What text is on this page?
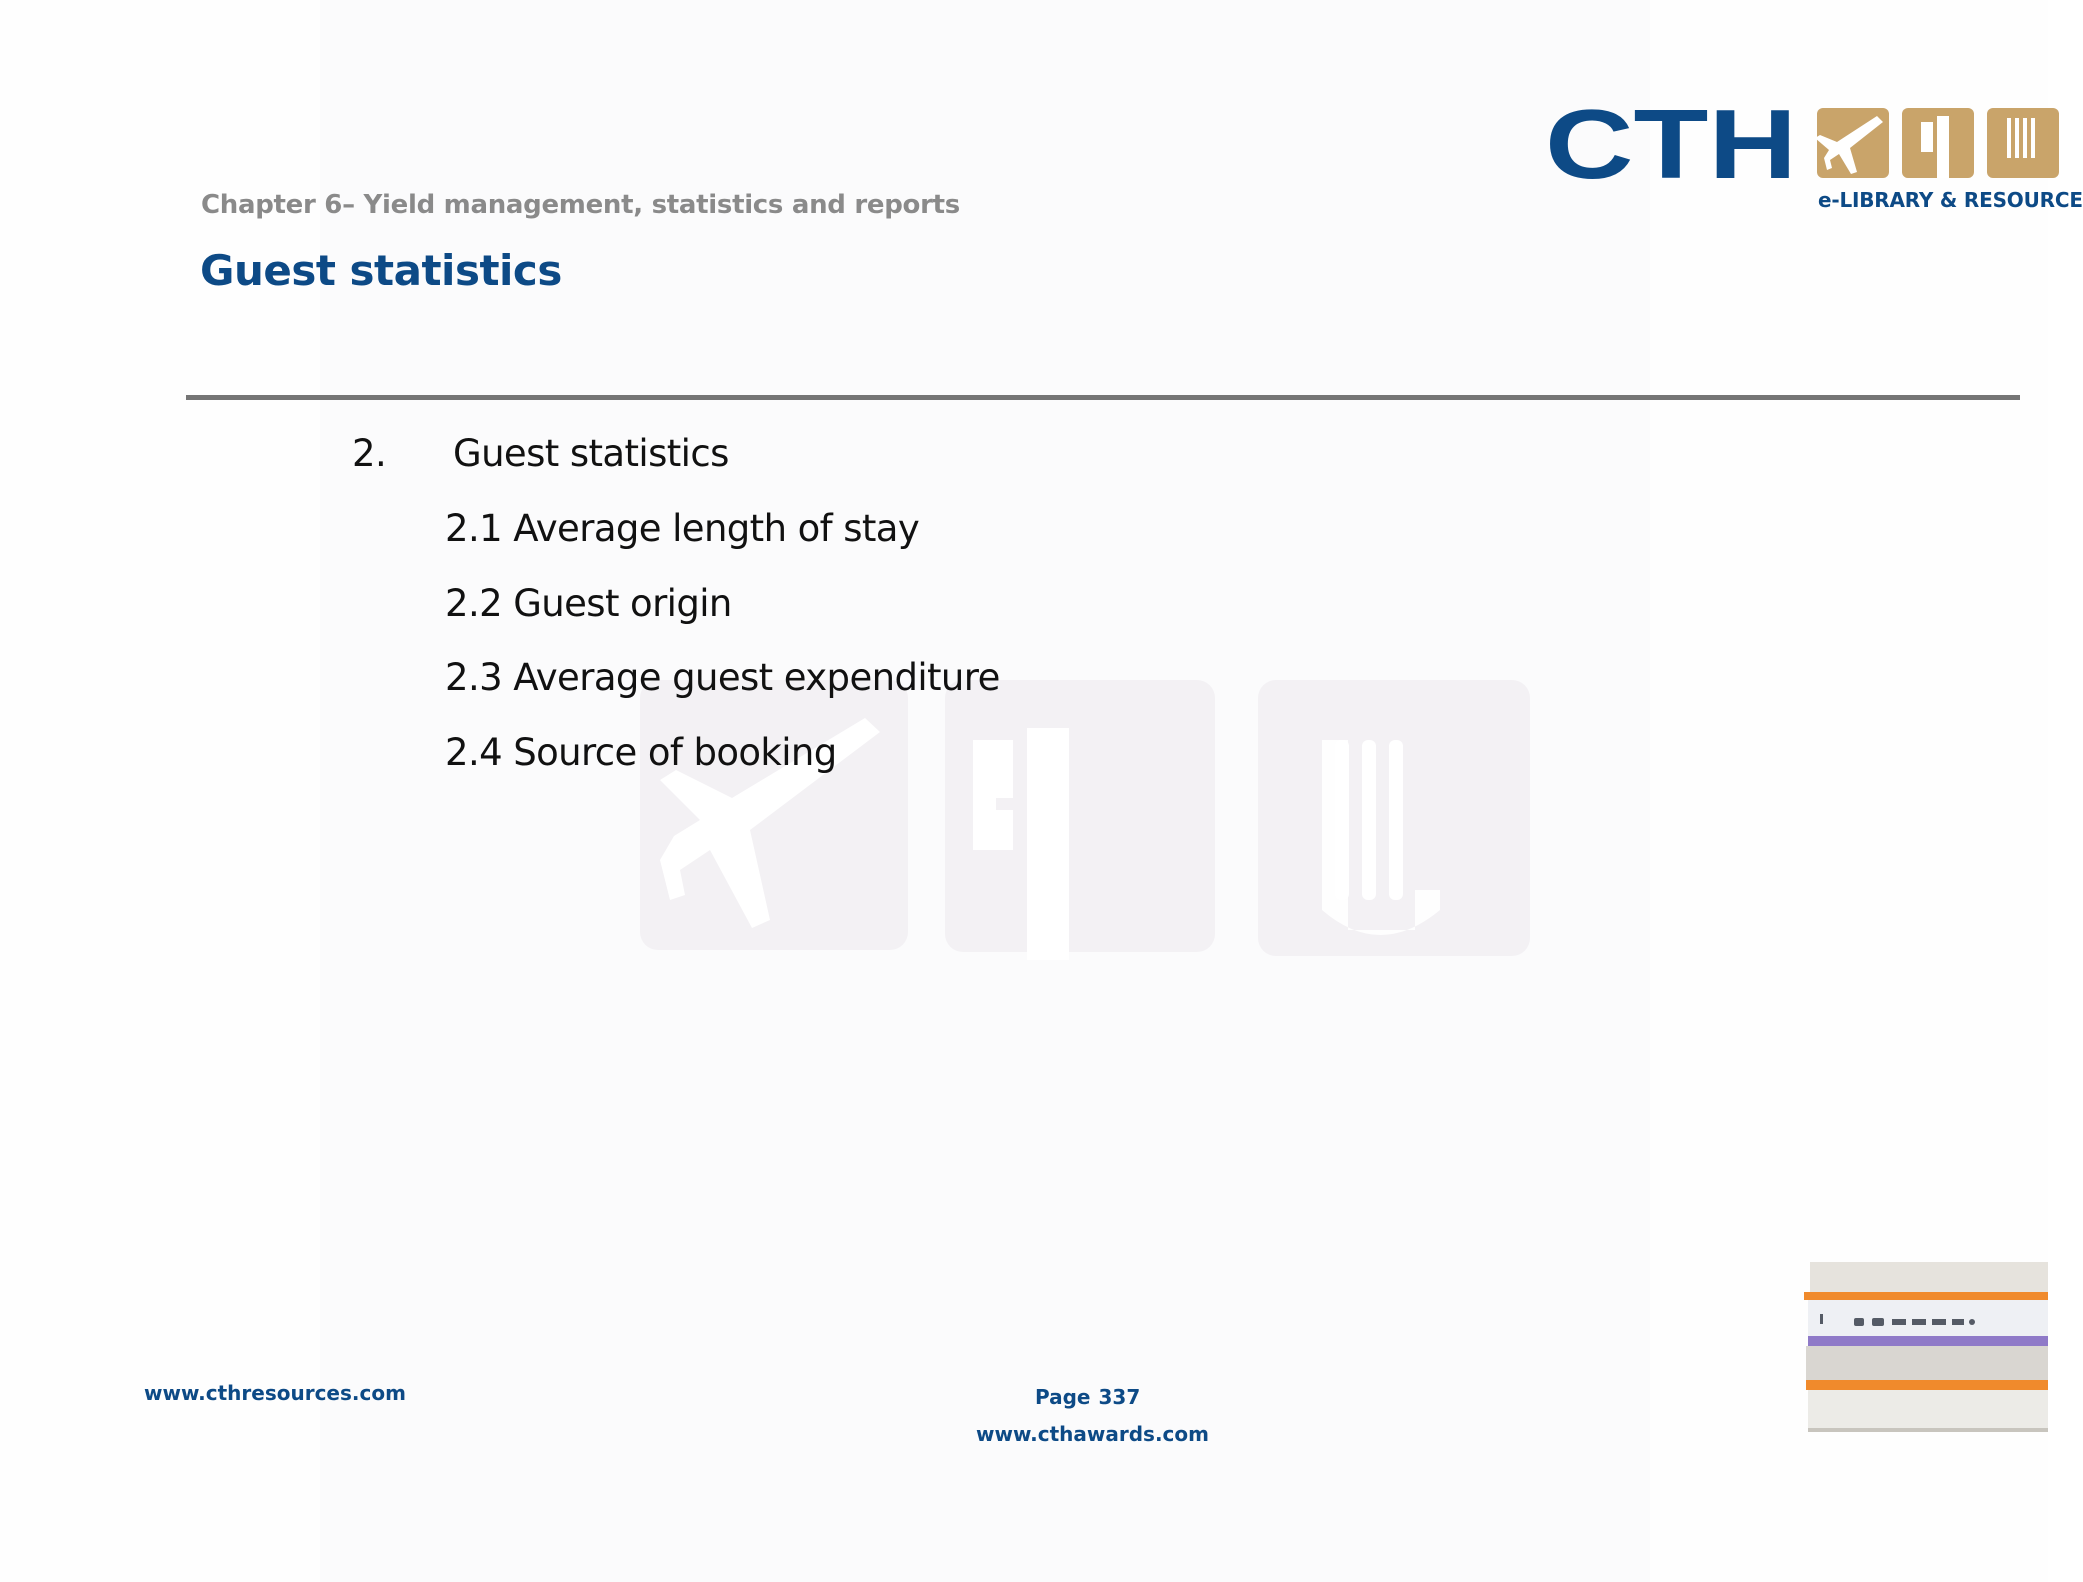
Chapter 6– Yield management, statistics and reports
Guest statistics
CTH
e-LIBRARY & RESOURCE
2. Guest statistics
2.1 Average length of stay
2.2 Guest origin
2.3 Average guest expenditure
2.4 Source of booking
www.cthresources.com	Page 337
www.cthawards.com
